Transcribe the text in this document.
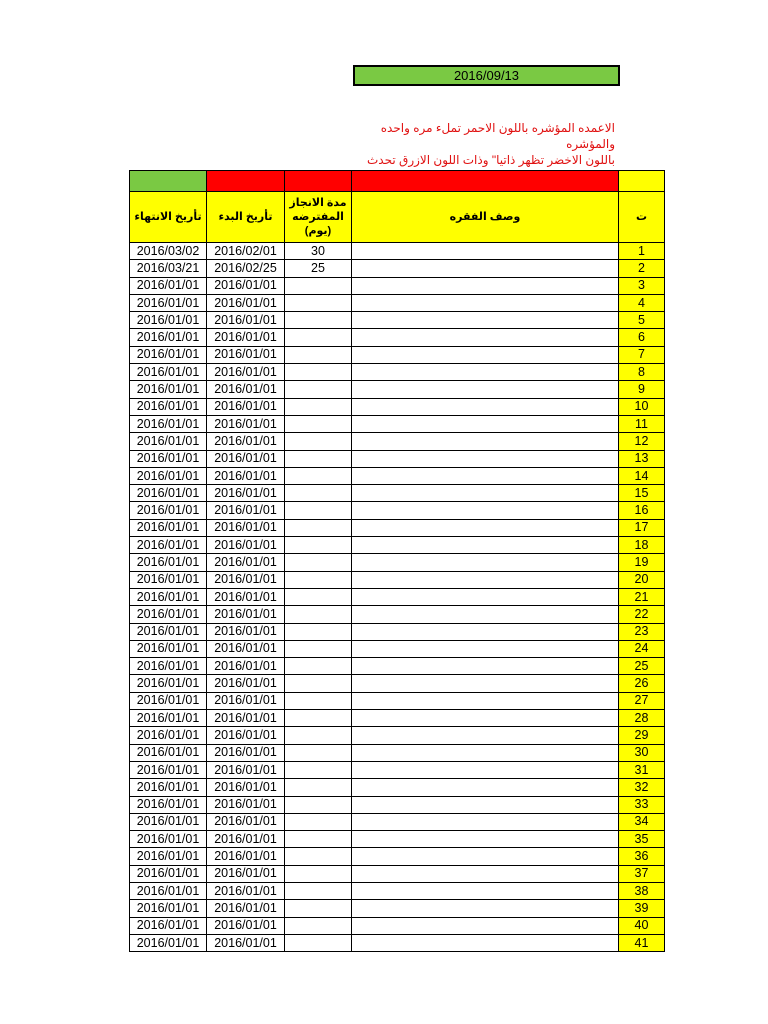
2016/09/13
الاعمده المؤشره باللون الاحمر تملء مره واحده والمؤشره
باللون الاخضر تظهر ذاتيا" وذات اللون الازرق تحدث

تأريخ الانتهاء	تأريخ البدء	مدة الانجاز المفترضه (يوم)	وصف الفقره	ت
2016/03/02	2016/02/01	30		1
2016/03/21	2016/02/25	25		2
2016/01/01	2016/01/01			3
2016/01/01	2016/01/01			4
2016/01/01	2016/01/01			5
2016/01/01	2016/01/01			6
2016/01/01	2016/01/01			7
2016/01/01	2016/01/01			8
2016/01/01	2016/01/01			9
2016/01/01	2016/01/01			10
2016/01/01	2016/01/01			11
2016/01/01	2016/01/01			12
2016/01/01	2016/01/01			13
2016/01/01	2016/01/01			14
2016/01/01	2016/01/01			15
2016/01/01	2016/01/01			16
2016/01/01	2016/01/01			17
2016/01/01	2016/01/01			18
2016/01/01	2016/01/01			19
2016/01/01	2016/01/01			20
2016/01/01	2016/01/01			21
2016/01/01	2016/01/01			22
2016/01/01	2016/01/01			23
2016/01/01	2016/01/01			24
2016/01/01	2016/01/01			25
2016/01/01	2016/01/01			26
2016/01/01	2016/01/01			27
2016/01/01	2016/01/01			28
2016/01/01	2016/01/01			29
2016/01/01	2016/01/01			30
2016/01/01	2016/01/01			31
2016/01/01	2016/01/01			32
2016/01/01	2016/01/01			33
2016/01/01	2016/01/01			34
2016/01/01	2016/01/01			35
2016/01/01	2016/01/01			36
2016/01/01	2016/01/01			37
2016/01/01	2016/01/01			38
2016/01/01	2016/01/01			39
2016/01/01	2016/01/01			40
2016/01/01	2016/01/01			41
